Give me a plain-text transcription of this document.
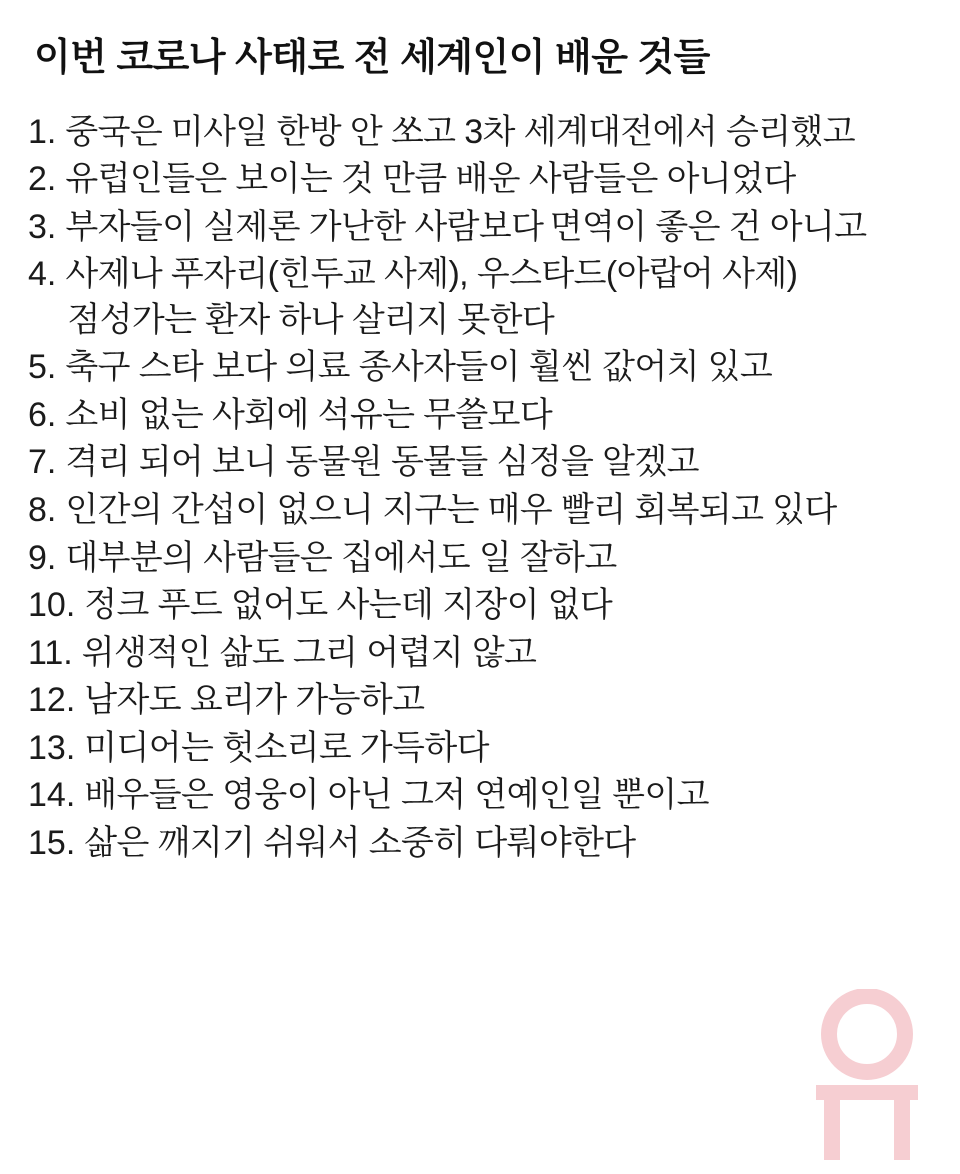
이번 코로나 사태로 전 세계인이 배운 것들
1. 중국은 미사일 한방 안 쏘고 3차 세계대전에서 승리했고
2. 유럽인들은 보이는 것 만큼 배운 사람들은 아니었다
3. 부자들이 실제론 가난한 사람보다 면역이 좋은 건 아니고
4. 사제나 푸자리(힌두교 사제), 우스타드(아랍어 사제) 점성가는 환자 하나 살리지 못한다
5. 축구 스타 보다 의료 종사자들이 훨씬 값어치 있고
6. 소비 없는 사회에 석유는 무쓸모다
7. 격리 되어 보니 동물원 동물들 심정을 알겠고
8. 인간의 간섭이 없으니 지구는 매우 빨리 회복되고 있다
9. 대부분의 사람들은 집에서도 일 잘하고
10. 정크 푸드 없어도 사는데 지장이 없다
11. 위생적인 삶도 그리 어렵지 않고
12. 남자도 요리가 가능하고
13. 미디어는 헛소리로 가득하다
14. 배우들은 영웅이 아닌 그저 연예인일 뿐이고
15. 삶은 깨지기 쉬워서 소중히 다뤄야한다
